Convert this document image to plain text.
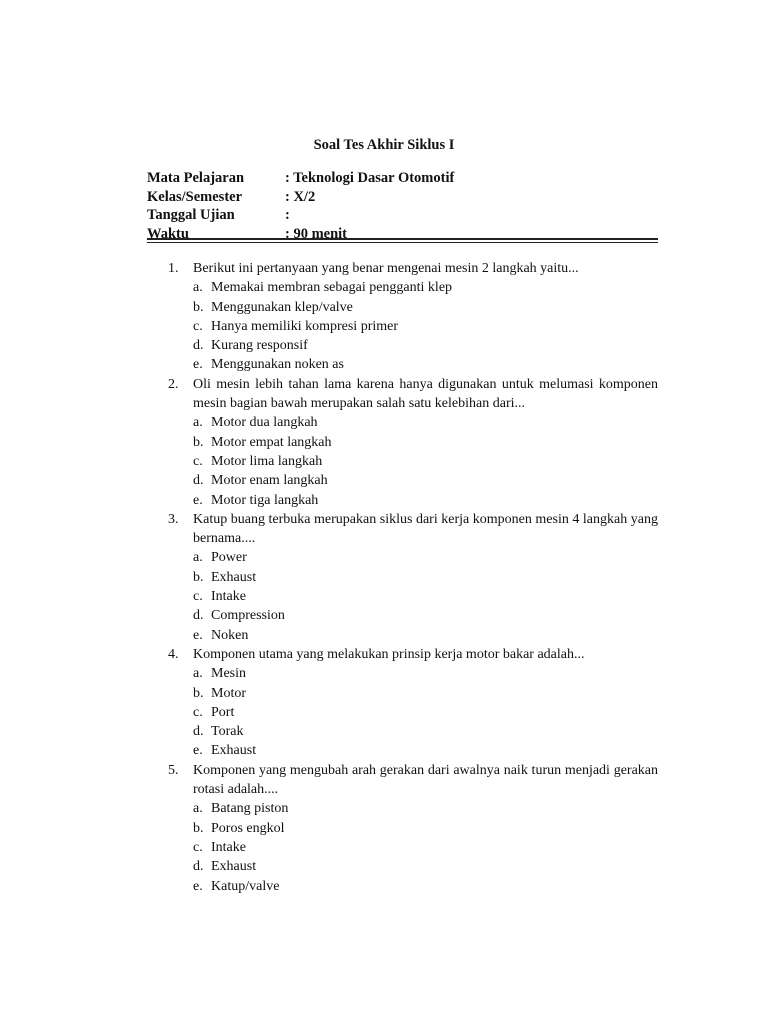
Soal Tes Akhir Siklus I
Mata Pelajaran	: Teknologi Dasar Otomotif
Kelas/Semester	: X/2
Tanggal Ujian	:
Waktu	: 90 menit
1. Berikut ini pertanyaan yang benar mengenai mesin 2 langkah yaitu...
a. Memakai membran sebagai pengganti klep
b. Menggunakan klep/valve
c. Hanya memiliki kompresi primer
d. Kurang responsif
e. Menggunakan noken as
2. Oli mesin lebih tahan lama karena hanya digunakan untuk melumasi komponen mesin bagian bawah merupakan salah satu kelebihan dari...
a. Motor dua langkah
b. Motor empat langkah
c. Motor lima langkah
d. Motor enam langkah
e. Motor tiga langkah
3. Katup buang terbuka merupakan siklus dari kerja komponen mesin 4 langkah yang bernama....
a. Power
b. Exhaust
c. Intake
d. Compression
e. Noken
4. Komponen utama yang melakukan prinsip kerja motor bakar adalah...
a. Mesin
b. Motor
c. Port
d. Torak
e. Exhaust
5. Komponen yang mengubah arah gerakan dari awalnya naik turun menjadi gerakan rotasi adalah....
a. Batang piston
b. Poros engkol
c. Intake
d. Exhaust
e. Katup/valve
